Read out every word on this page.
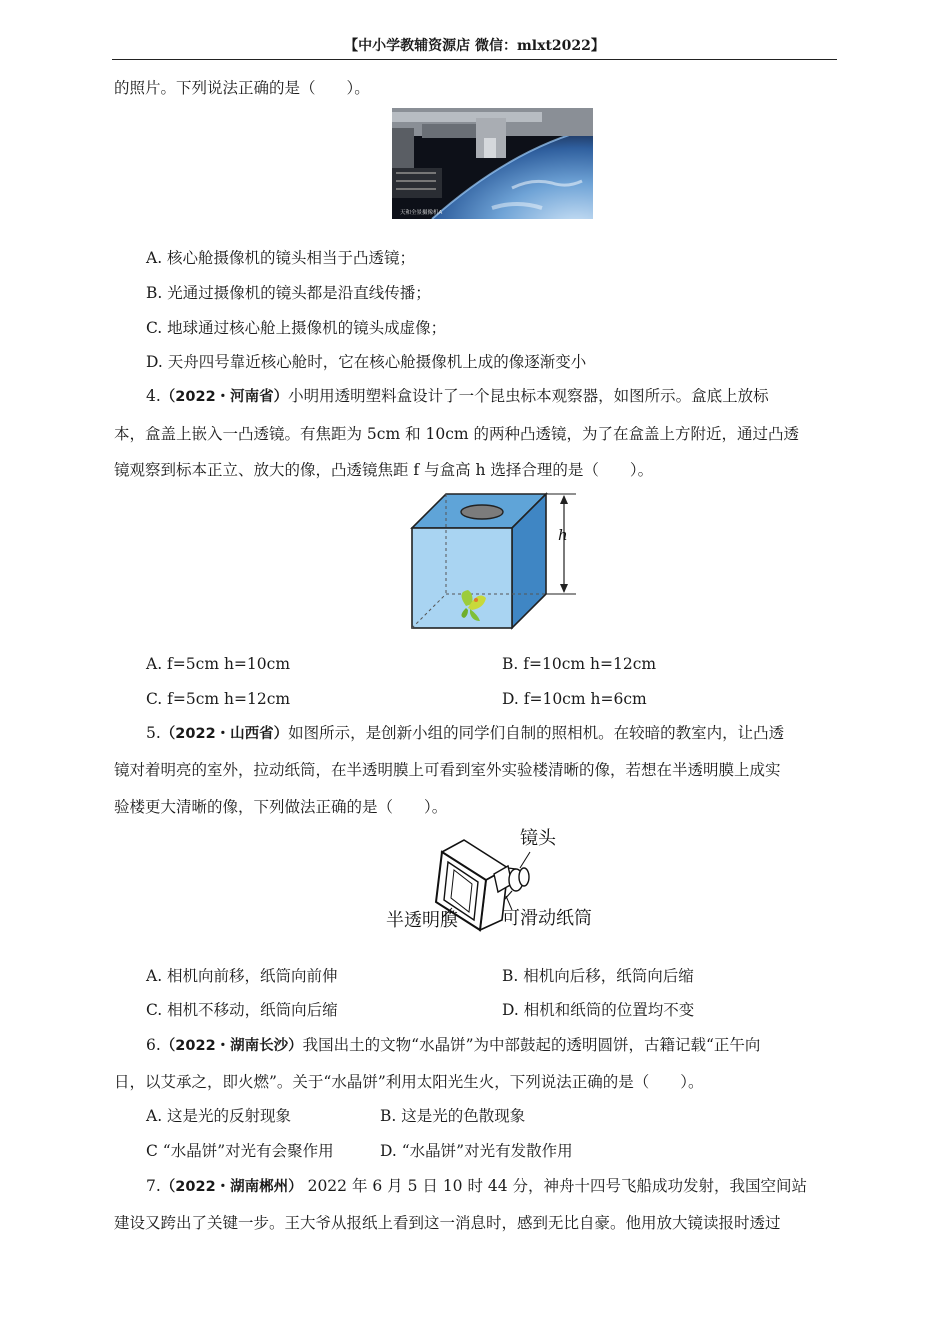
【中小学教辅资源店 微信：mlxt2022】
的照片。下列说法正确的是（　　）。
天和全景摄像机A
A. 核心舱摄像机的镜头相当于凸透镜；
B. 光通过摄像机的镜头都是沿直线传播；
C. 地球通过核心舱上摄像机的镜头成虚像；
D. 天舟四号靠近核心舱时，它在核心舱摄像机上成的像逐渐变小
4.（2022・河南省）小明用透明塑料盒设计了一个昆虫标本观察器，如图所示。盒底上放标
本，盒盖上嵌入一凸透镜。有焦距为 5cm 和 10cm 的两种凸透镜，为了在盒盖上方附近，通过凸透
镜观察到标本正立、放大的像，凸透镜焦距 f 与盒高 h 选择合理的是（　　）。
h
A. f=5cm h=10cm	B. f=10cm h=12cm
C. f=5cm h=12cm	D. f=10cm h=6cm
5.（2022・山西省）如图所示，是创新小组的同学们自制的照相机。在较暗的教室内，让凸透
镜对着明亮的室外，拉动纸筒，在半透明膜上可看到室外实验楼清晰的像，若想在半透明膜上成实
验楼更大清晰的像，下列做法正确的是（　　）。
镜头
半透明膜 可滑动纸筒
A. 相机向前移，纸筒向前伸	B. 相机向后移，纸筒向后缩
C. 相机不移动，纸筒向后缩	D. 相机和纸筒的位置均不变
6.（2022・湖南长沙）我国出土的文物“水晶饼”为中部鼓起的透明圆饼，古籍记载“正午向
日，以艾承之，即火燃”。关于“水晶饼”利用太阳光生火，下列说法正确的是（　　）。
A. 这是光的反射现象	B. 这是光的色散现象
C “水晶饼”对光有会聚作用	D. “水晶饼”对光有发散作用
7.（2022・湖南郴州） 2022 年 6 月 5 日 10 时 44 分，神舟十四号飞船成功发射，我国空间站
建设又跨出了关键一步。王大爷从报纸上看到这一消息时，感到无比自豪。他用放大镜读报时透过
